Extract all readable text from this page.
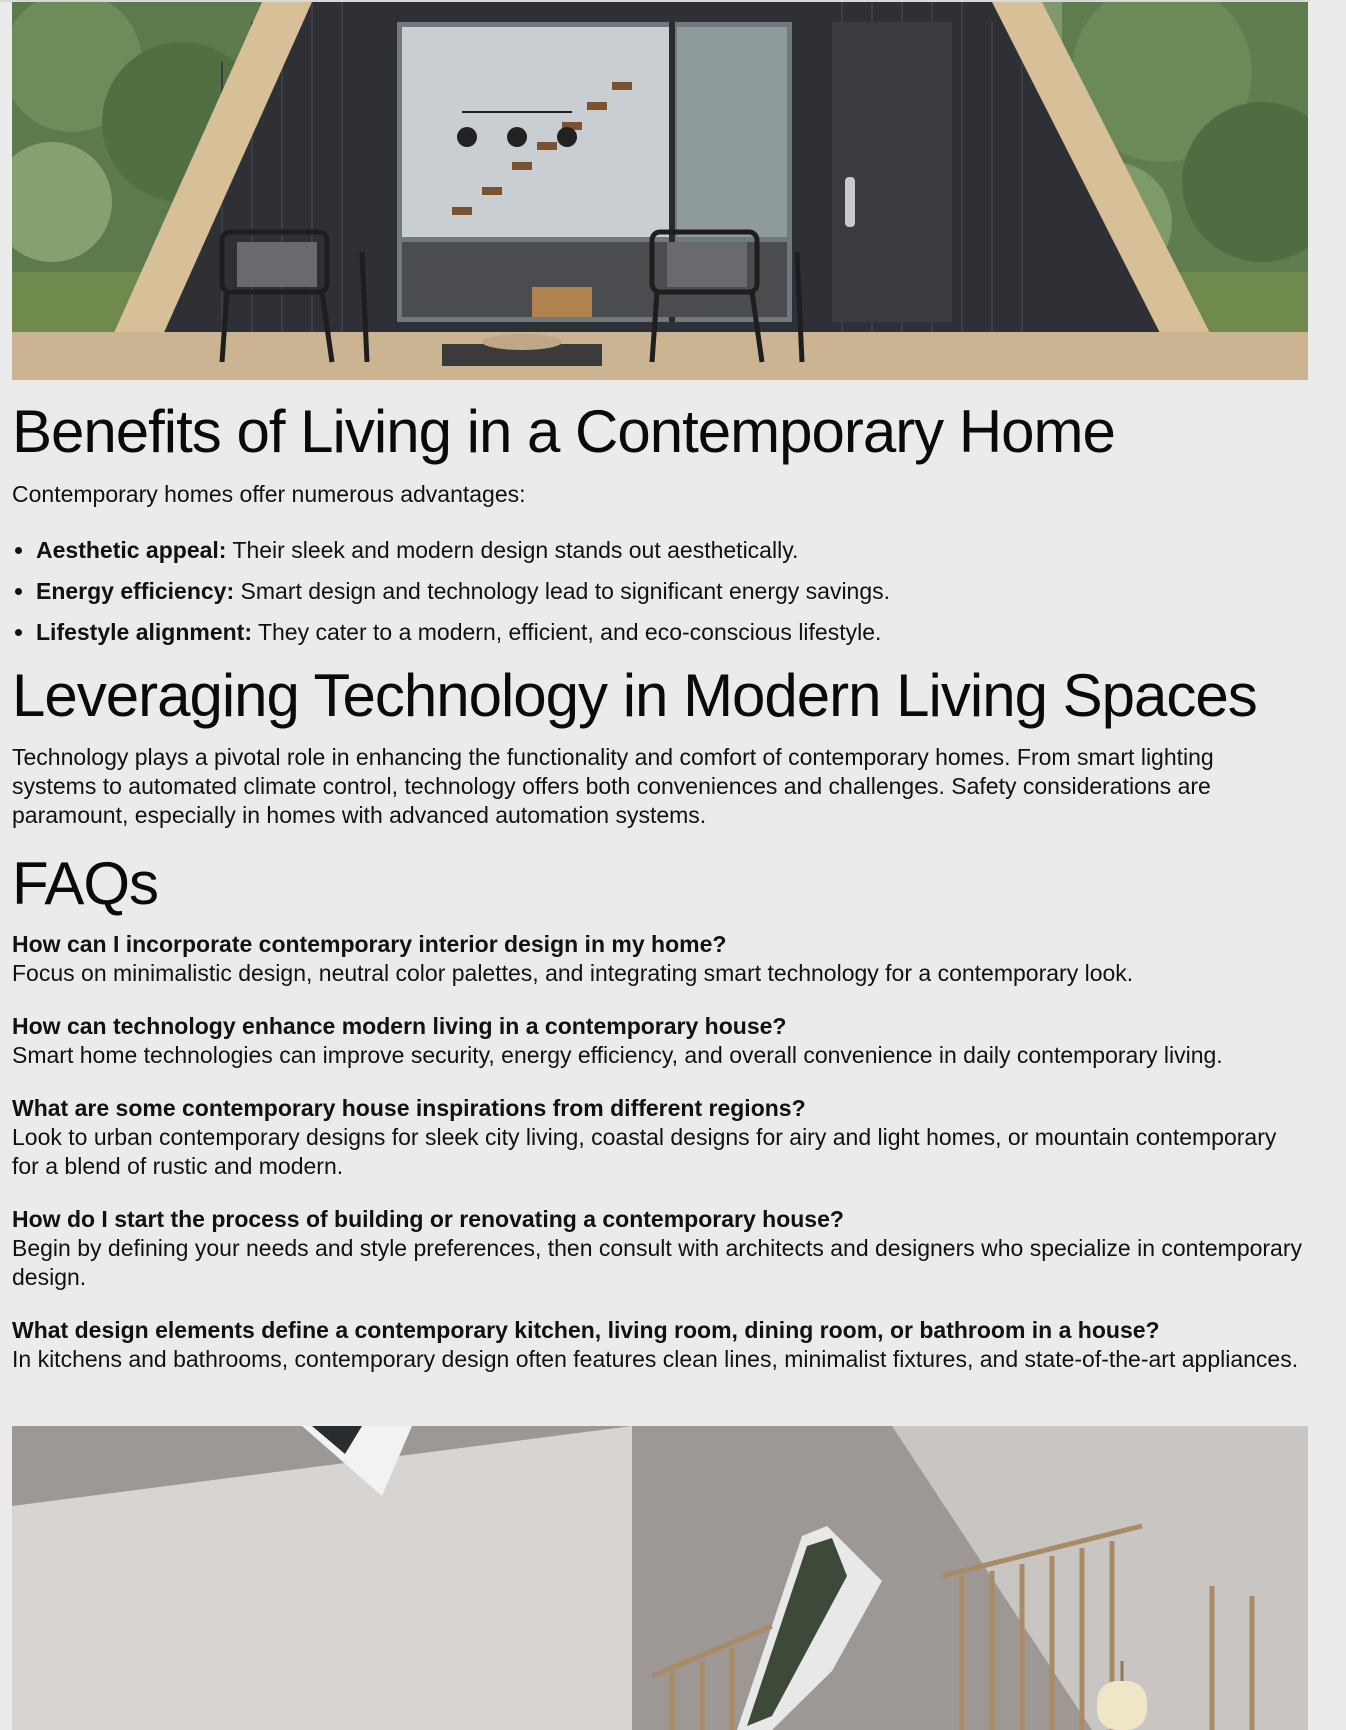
Benefits of Living in a Contemporary Home

Contemporary homes offer numerous advantages:

• Aesthetic appeal: Their sleek and modern design stands out aesthetically.
• Energy efficiency: Smart design and technology lead to significant energy savings.
• Lifestyle alignment: They cater to a modern, efficient, and eco-conscious lifestyle.
Leveraging Technology in Modern Living Spaces

Technology plays a pivotal role in enhancing the functionality and comfort of contemporary homes. From smart lighting systems to automated climate control, technology offers both conveniences and challenges. Safety considerations are paramount, especially in homes with advanced automation systems.

FAQs

How can I incorporate contemporary interior design in my home?

Focus on minimalistic design, neutral color palettes, and integrating smart technology for a contemporary look.

How can technology enhance modern living in a contemporary house?

Smart home technologies can improve security, energy efficiency, and overall convenience in daily contemporary living.

What are some contemporary house inspirations from different regions?

Look to urban contemporary designs for sleek city living, coastal designs for airy and light homes, or mountain contemporary for a blend of rustic and modern.

How do I start the process of building or renovating a contemporary house?

Begin by defining your needs and style preferences, then consult with architects and designers who specialize in contemporary design.

What design elements define a contemporary kitchen, living room, dining room, or bathroom in a house?

In kitchens and bathrooms, contemporary design often features clean lines, minimalist fixtures, and state-of-the-art appliances.
